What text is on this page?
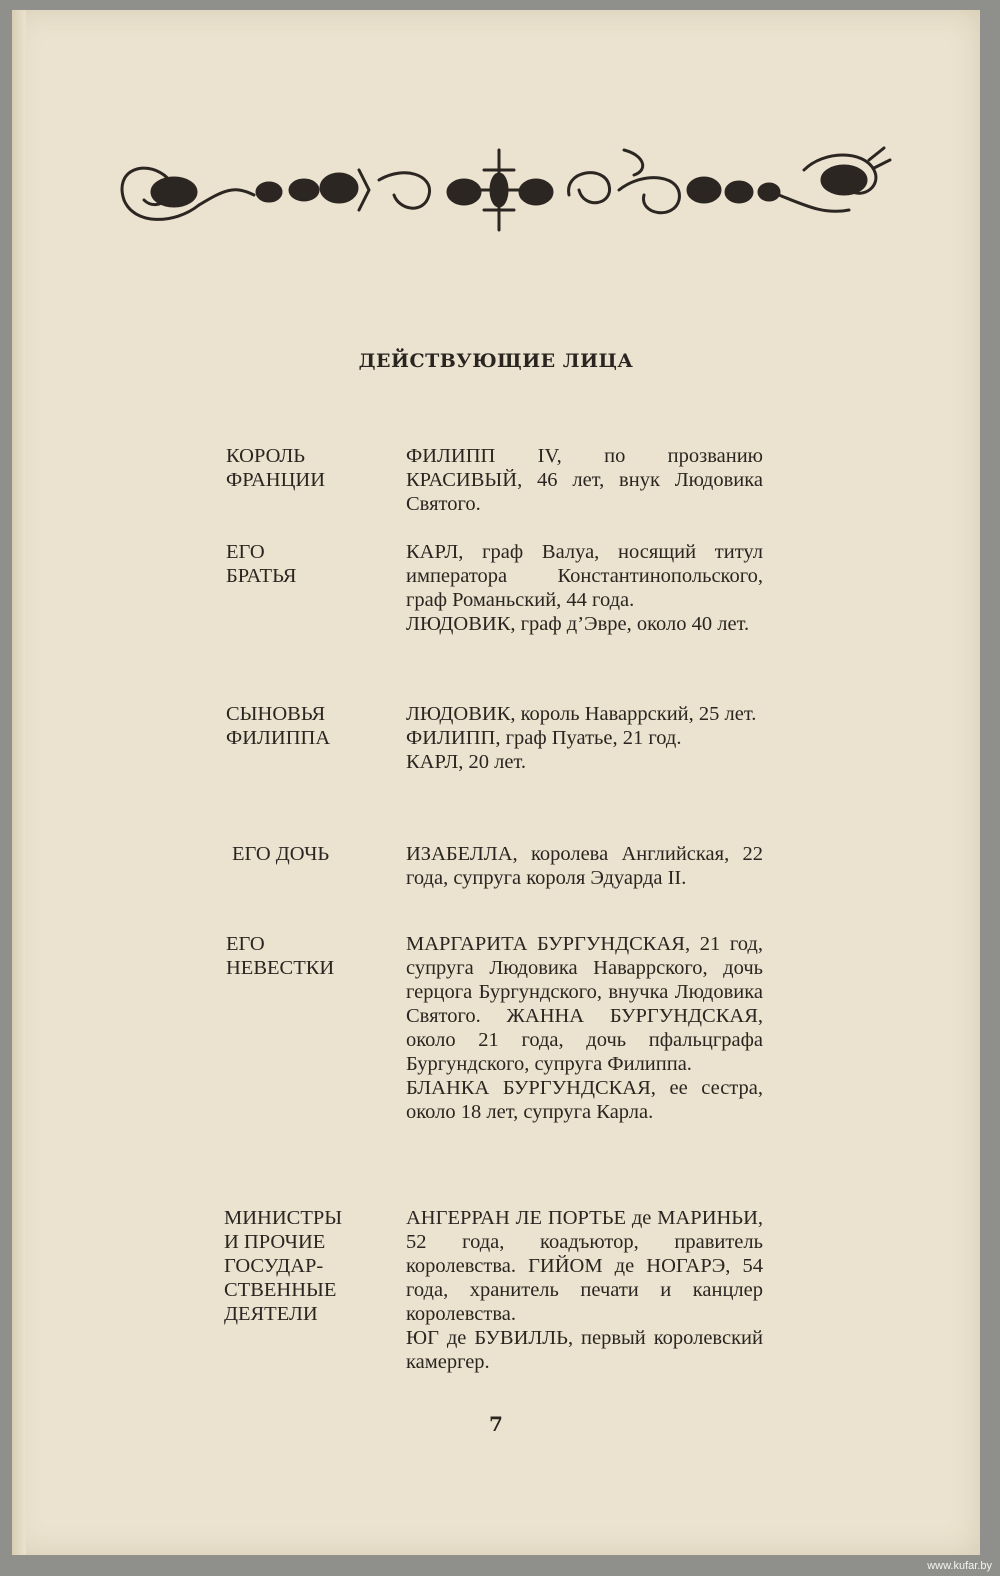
ДЕЙСТВУЮЩИЕ ЛИЦА
КОРОЛЬ
ФРАНЦИИ
ФИЛИПП IV, по прозванию КРАСИВЫЙ, 46 лет, внук Людовика Святого.
ЕГО
БРАТЬЯ
КАРЛ, граф Валуа, носящий титул императора Константинопольского, граф Романьский, 44 года.
ЛЮДОВИК, граф д’Эвре, около 40 лет.
СЫНОВЬЯ
ФИЛИППА
ЛЮДОВИК, король Наваррский, 25 лет.
ФИЛИПП, граф Пуатье, 21 год.
КАРЛ, 20 лет.
ЕГО ДОЧЬ	ИЗАБЕЛЛА, королева Английская, 22 года, супруга короля Эдуарда II.
ЕГО
НЕВЕСТКИ
МАРГАРИТА БУРГУНДСКАЯ, 21 год, супруга Людовика Наваррского, дочь герцога Бургундского, внучка Людовика Святого. ЖАННА БУРГУНДСКАЯ, около 21 года, дочь пфальцграфа Бургундского, супруга Филиппа.
БЛАНКА БУРГУНДСКАЯ, ее сестра, около 18 лет, супруга Карла.
МИНИСТРЫ
И ПРОЧИЕ
ГОСУДАР-
СТВЕННЫЕ
ДЕЯТЕЛИ
АНГЕРРАН ЛЕ ПОРТЬЕ де МАРИНЬИ, 52 года, коадъютор, правитель королевства. ГИЙОМ де НОГАРЭ, 54 года, хранитель печати и канцлер королевства.
ЮГ де БУВИЛЛЬ, первый королевский камергер.
7
www.kufar.by
